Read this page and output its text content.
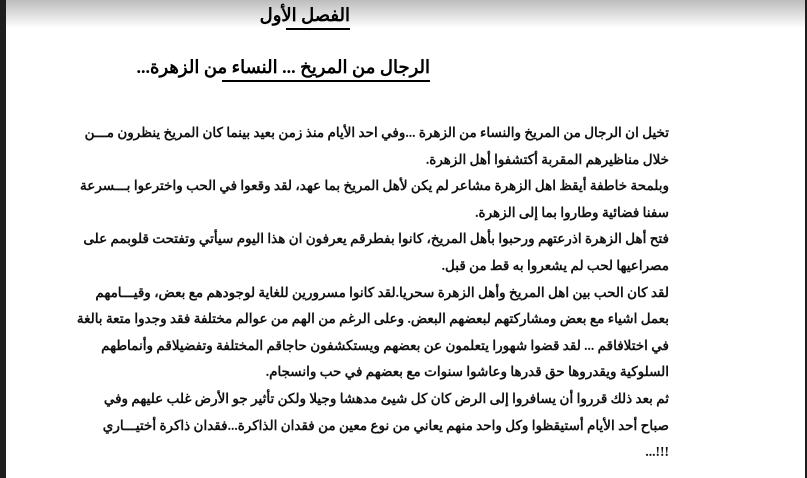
الفصل الأول
الرجال من المريخ ... النساء من الزهرة...
تخيل ان الرجال من المريخ والنساء من الزهرة ...وفي احد الأيام منذ زمن بعيد بينما كان المريخ ينظرون مـــن
خلال مناظيرهم المقربة أكتشفوا أهل الزهرة.
وبلمحة خاطفة أيقظ اهل الزهرة مشاعر لم يكن لأهل المريخ بما عهد، لقد وقعوا في الحب واخترعوا بـــسرعة
سفنا فضائية وطاروا بما إلى الزهرة.
فتح أهل الزهرة اذرعتهم ورحبوا بأهل المريخ، كانوا بفطرقم يعرفون ان هذا اليوم سيأتي وتفتحت قلوبمم على
مصراعيها لحب لم يشعروا به قط من قبل.
لقد كان الحب بين اهل المريخ وأهل الزهرة سحريا.لقد كانوا مسرورين للغاية لوجودهم مع بعض، وقيـــامهم
بعمل اشياء مع بعض ومشاركتهم لبعضهم البعض. وعلى الرغم من الهم من عوالم مختلفة فقد وجدوا متعة بالغة
في اختلافاقم ... لقد قضوا شهورا يتعلمون عن بعضهم ويستكشفون حاجاقم المختلفة وتفضيلاقم وأنماطهم
السلوكية ويقدروها حق قدرها وعاشوا سنوات مع بعضهم في حب وانسجام.
ثم بعد ذلك قرروا أن يسافروا إلى الرض كان كل شيئ مدهشا وجيلا ولكن تأثير جو الأرض غلب عليهم وفي
صباح أحد الأيام أستيقظوا وكل واحد منهم يعاني من نوع معين من فقدان الذاكرة...فقدان ذاكرة أختيـــاري
!!!...
